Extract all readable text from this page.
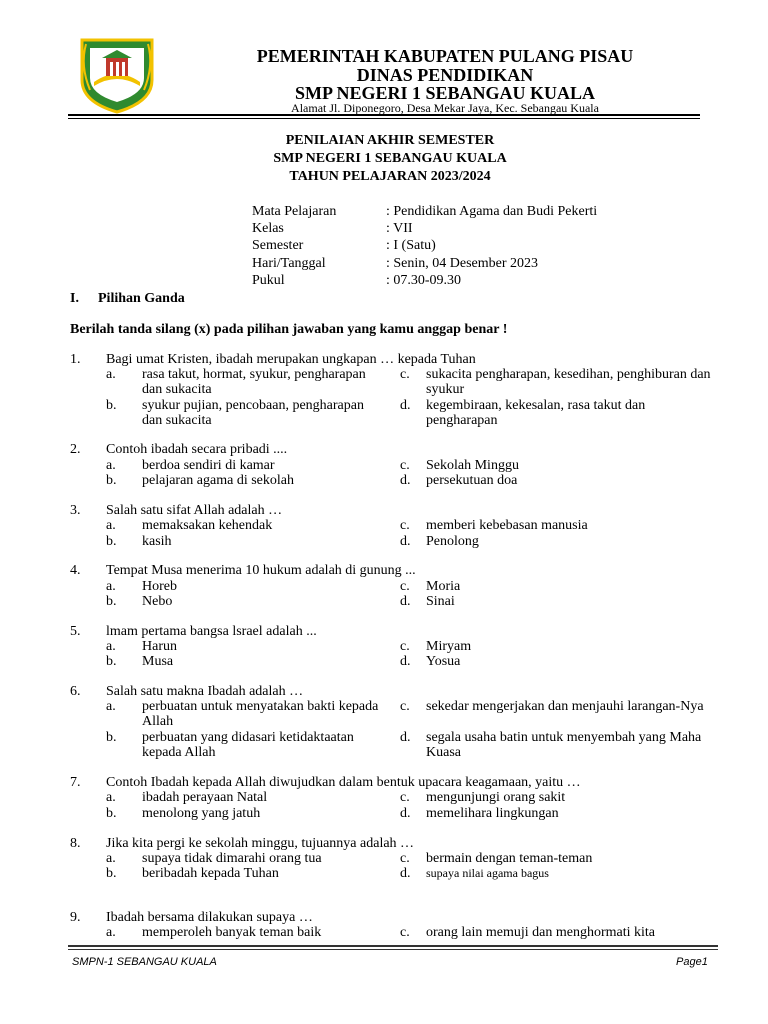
PEMERINTAH KABUPATEN PULANG PISAU
DINAS PENDIDIKAN
SMP NEGERI 1 SEBANGAU KUALA
Alamat Jl. Diponegoro, Desa Mekar Jaya, Kec. Sebangau Kuala
PENILAIAN AKHIR SEMESTER
SMP NEGERI 1 SEBANGAU KUALA
TAHUN PELAJARAN 2023/2024
Mata Pelajaran	: Pendidikan Agama dan Budi Pekerti
Kelas	: VII
Semester	: I (Satu)
Hari/Tanggal	: Senin, 04 Desember 2023
Pukul	: 07.30-09.30
I. Pilihan Ganda
Berilah tanda silang (x) pada pilihan jawaban yang kamu anggap benar !
1. Bagi umat Kristen, ibadah merupakan ungkapan … kepada Tuhan
a. rasa takut, hormat, syukur, pengharapan dan sukacita
c. sukacita pengharapan, kesedihan, penghiburan dan syukur
b. syukur pujian, pencobaan, pengharapan dan sukacita
d. kegembiraan, kekesalan, rasa takut dan pengharapan
2. Contoh ibadah secara pribadi ....
a. berdoa sendiri di kamar	c. Sekolah Minggu
b. pelajaran agama di sekolah	d. persekutuan doa
3. Salah satu sifat Allah adalah …
a. memaksakan kehendak	c. memberi kebebasan manusia
b. kasih	d. Penolong
4. Tempat Musa menerima 10 hukum adalah di gunung ...
a. Horeb	c. Moria
b. Nebo	d. Sinai
5. lmam pertama bangsa lsrael adalah ...
a. Harun	c. Miryam
b. Musa	d. Yosua
6. Salah satu makna Ibadah adalah …
a. perbuatan untuk menyatakan bakti kepada Allah
c. sekedar mengerjakan dan menjauhi larangan-Nya
b. perbuatan yang didasari ketidaktaatan kepada Allah
d. segala usaha batin untuk menyembah yang Maha Kuasa
7. Contoh Ibadah kepada Allah diwujudkan dalam bentuk upacara keagamaan, yaitu …
a. ibadah perayaan Natal	c. mengunjungi orang sakit
b. menolong yang jatuh	d. memelihara lingkungan
8. Jika kita pergi ke sekolah minggu, tujuannya adalah …
a. supaya tidak dimarahi orang tua	c. bermain dengan teman-teman
b. beribadah kepada Tuhan	d. supaya nilai agama bagus
9. Ibadah bersama dilakukan supaya …
a. memperoleh banyak teman baik	c. orang lain memuji dan menghormati kita
SMPN-1 SEBANGAU KUALA	Page1
